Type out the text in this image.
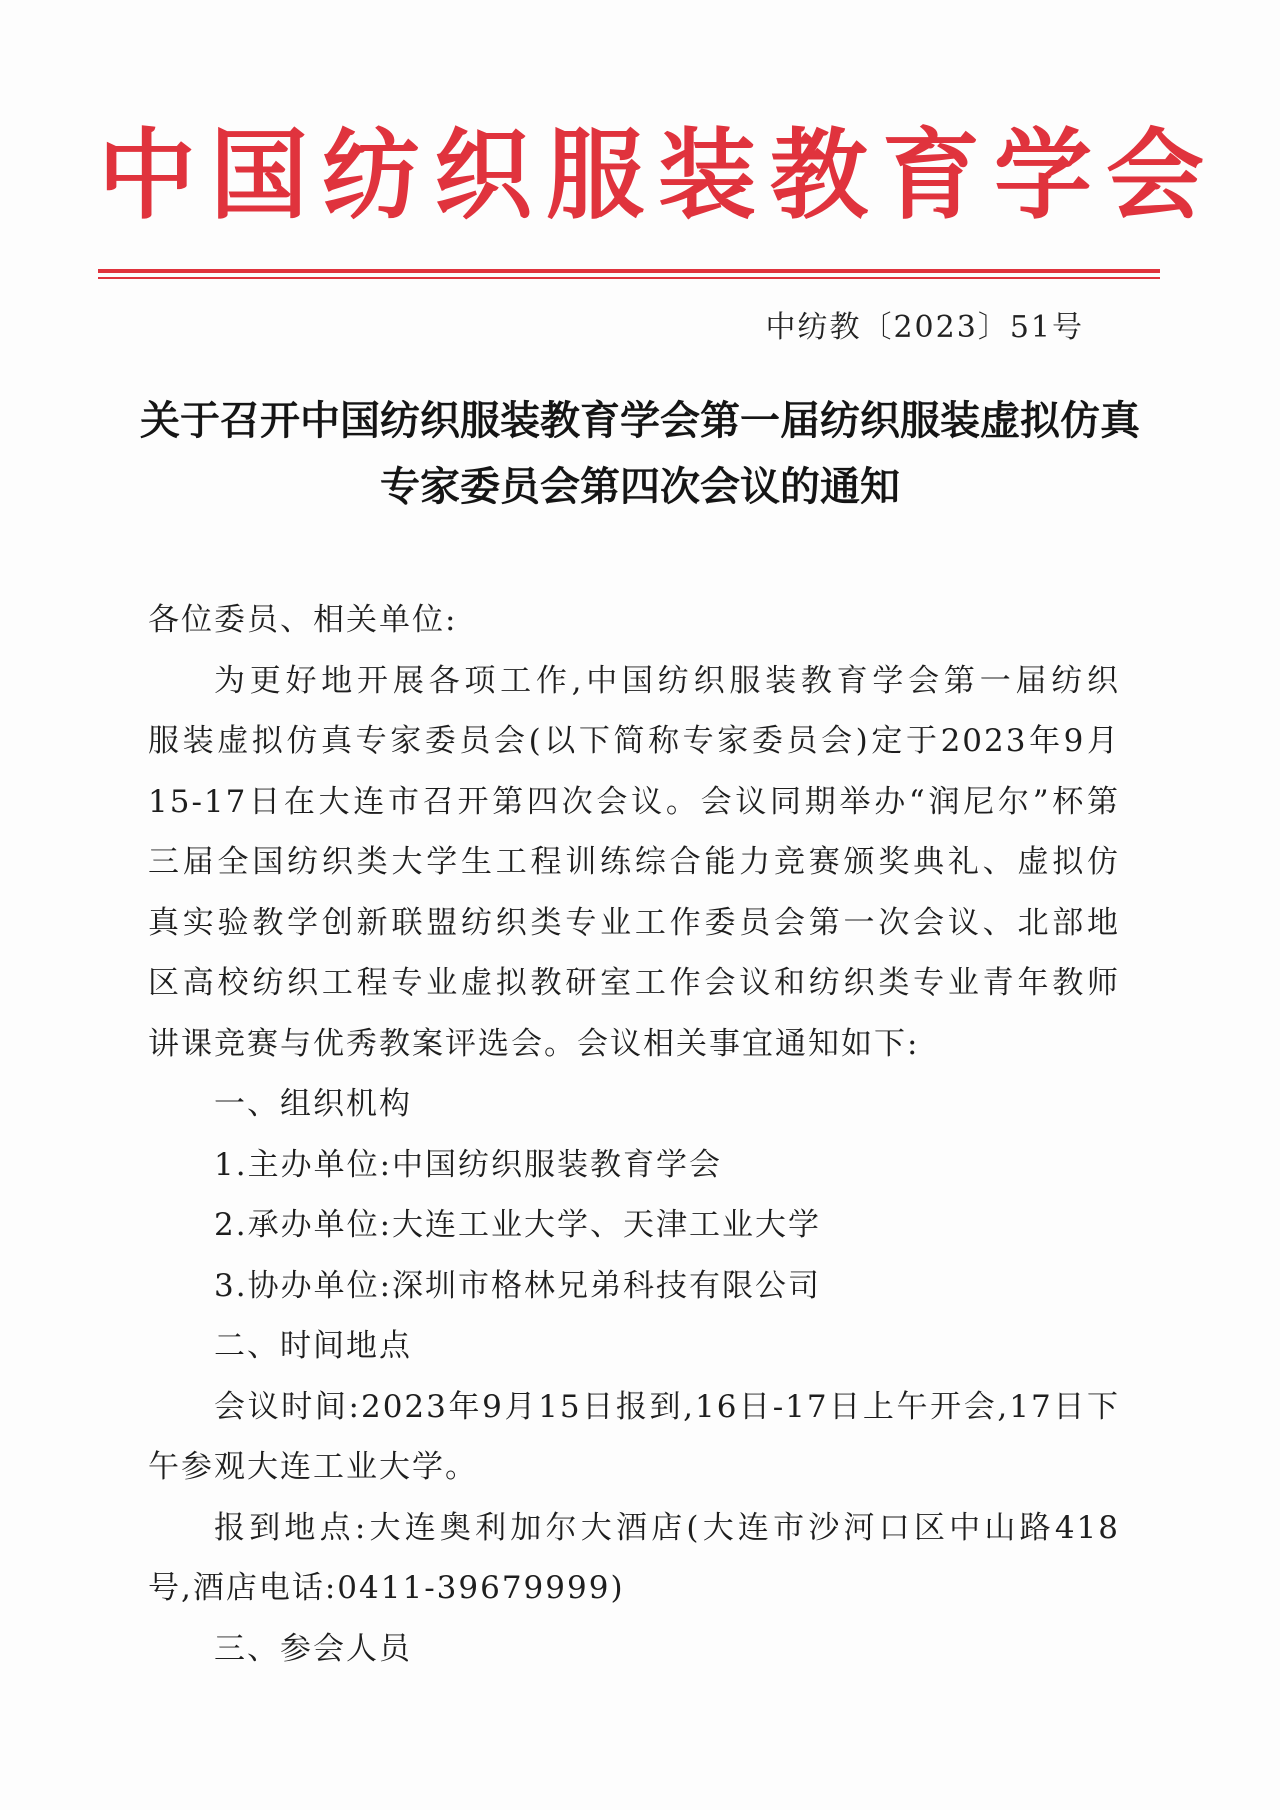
中国纺织服装教育学会
中纺教〔2023〕51号
关于召开中国纺织服装教育学会第一届纺织服装虚拟仿真
专家委员会第四次会议的通知
各位委员、相关单位:
为更好地开展各项工作,中国纺织服装教育学会第一届纺织
服装虚拟仿真专家委员会(以下简称专家委员会)定于2023年9月
15-17日在大连市召开第四次会议。会议同期举办“润尼尔”杯第
三届全国纺织类大学生工程训练综合能力竞赛颁奖典礼、虚拟仿
真实验教学创新联盟纺织类专业工作委员会第一次会议、北部地
区高校纺织工程专业虚拟教研室工作会议和纺织类专业青年教师
讲课竞赛与优秀教案评选会。会议相关事宜通知如下:
一、组织机构
1.主办单位:中国纺织服装教育学会
2.承办单位:大连工业大学、天津工业大学
3.协办单位:深圳市格林兄弟科技有限公司
二、时间地点
会议时间:2023年9月15日报到,16日-17日上午开会,17日下
午参观大连工业大学。
报到地点:大连奥利加尔大酒店(大连市沙河口区中山路418
号,酒店电话:0411-39679999)
三、参会人员
